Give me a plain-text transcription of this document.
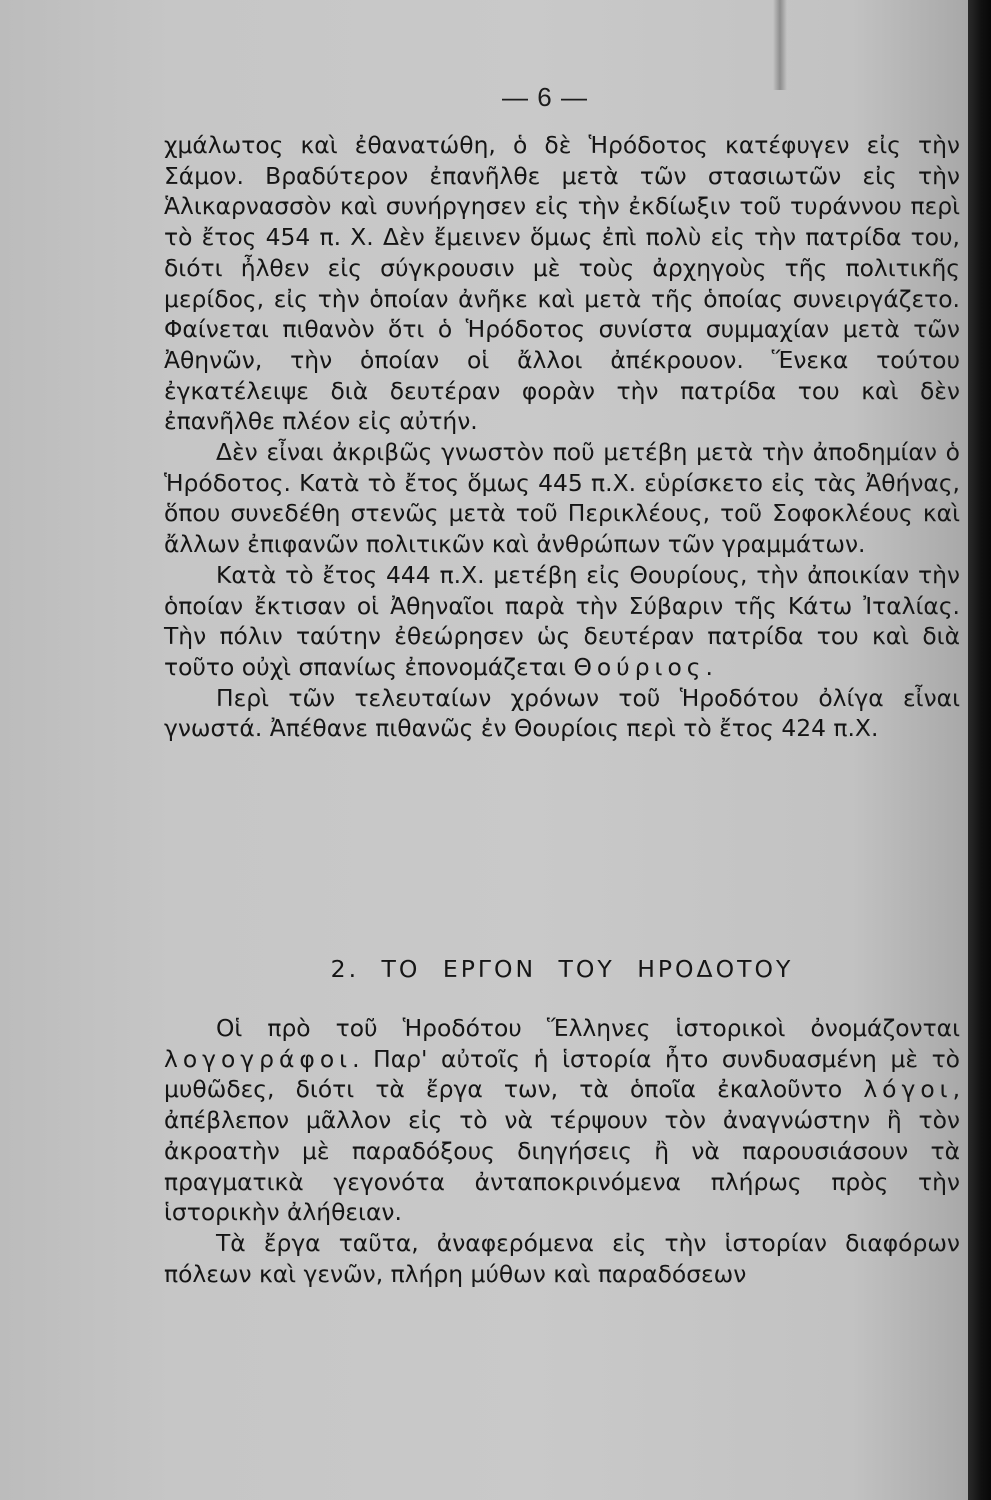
— 6 —

χμάλωτος καὶ ἐθανατώθη, ὁ δὲ Ἡρόδοτος κατέφυγεν εἰς τὴν Σάμον. Βραδύτερον ἐπανῆλθε μετὰ τῶν στασιωτῶν εἰς τὴν Ἁλικαρνασσὸν καὶ συνήργησεν εἰς τὴν ἐκδίωξιν τοῦ τυράννου περὶ τὸ ἔτος 454 π. Χ. Δὲν ἔμεινεν ὅμως ἐπὶ πολὺ εἰς τὴν πατρίδα του, διότι ἦλθεν εἰς σύγκρουσιν μὲ τοὺς ἀρχηγοὺς τῆς πολιτικῆς μερίδος, εἰς τὴν ὁποίαν ἀνῆκε καὶ μετὰ τῆς ὁποίας συνειργάζετο. Φαίνεται πιθανὸν ὅτι ὁ Ἡρόδοτος συνίστα συμμαχίαν μετὰ τῶν Ἀθηνῶν, τὴν ὁποίαν οἱ ἄλλοι ἀπέκρουον. Ἕνεκα τούτου ἐγκατέλειψε διὰ δευτέραν φορὰν τὴν πατρίδα του καὶ δὲν ἐπανῆλθε πλέον εἰς αὐτήν.

Δὲν εἶναι ἀκριβῶς γνωστὸν ποῦ μετέβη μετὰ τὴν ἀποδημίαν ὁ Ἡρόδοτος. Κατὰ τὸ ἔτος ὅμως 445 π.Χ. εὑρίσκετο εἰς τὰς Ἀθήνας, ὅπου συνεδέθη στενῶς μετὰ τοῦ Περικλέους, τοῦ Σοφοκλέους καὶ ἄλλων ἐπιφανῶν πολιτικῶν καὶ ἀνθρώπων τῶν γραμμάτων.

Κατὰ τὸ ἔτος 444 π.Χ. μετέβη εἰς Θουρίους, τὴν ἀποικίαν τὴν ὁποίαν ἔκτισαν οἱ Ἀθηναῖοι παρὰ τὴν Σύβαριν τῆς Κάτω Ἰταλίας. Τὴν πόλιν ταύτην ἐθεώρησεν ὡς δευτέραν πατρίδα του καὶ διὰ τοῦτο οὐχὶ σπανίως ἐπονομάζεται Θούριος.

Περὶ τῶν τελευταίων χρόνων τοῦ Ἡροδότου ὀλίγα εἶναι γνωστά. Ἀπέθανε πιθανῶς ἐν Θουρίοις περὶ τὸ ἔτος 424 π.Χ.

2. ΤΟ ΕΡΓΟΝ ΤΟΥ ΗΡΟΔΟΤΟΥ

Οἱ πρὸ τοῦ Ἡροδότου Ἕλληνες ἱστορικοὶ ὀνομάζονται λογογράφοι. Παρ' αὐτοῖς ἡ ἱστορία ἦτο συνδυασμένη μὲ τὸ μυθῶδες, διότι τὰ ἔργα των, τὰ ὁποῖα ἐκαλοῦντο λόγοι, ἀπέβλεπον μᾶλλον εἰς τὸ νὰ τέρψουν τὸν ἀναγνώστην ἢ τὸν ἀκροατὴν μὲ παραδόξους διηγήσεις ἢ νὰ παρουσιάσουν τὰ πραγματικὰ γεγονότα ἀνταποκρινόμενα πλήρως πρὸς τὴν ἱστορικὴν ἀλήθειαν.

Τὰ ἔργα ταῦτα, ἀναφερόμενα εἰς τὴν ἱστορίαν διαφόρων πόλεων καὶ γενῶν, πλήρη μύθων καὶ παραδόσεων
